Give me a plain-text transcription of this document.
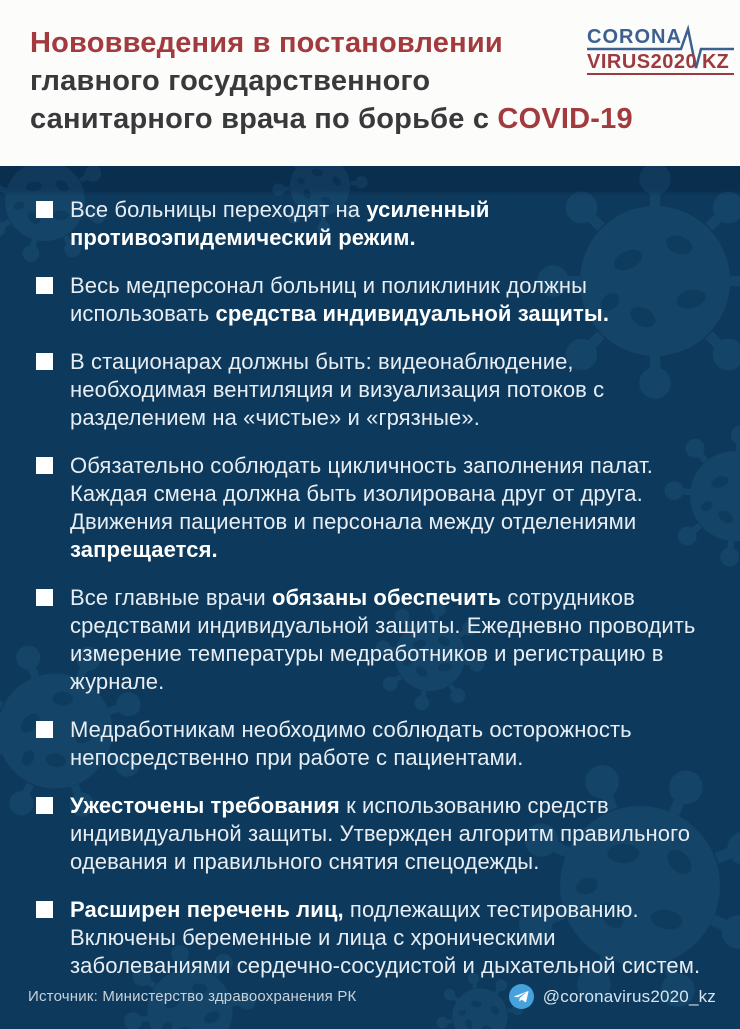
Нововведения в постановлении
главного государственного
санитарного врача по борьбе с COVID-19
CORONA
VIRUS2020 KZ

Все больницы переходят на усиленный противоэпидемический режим.

Весь медперсонал больниц и поликлиник должны использовать средства индивидуальной защиты.

В стационарах должны быть: видеонаблюдение, необходимая вентиляция и визуализация потоков с разделением на «чистые» и «грязные».

Обязательно соблюдать цикличность заполнения палат. Каждая смена должна быть изолирована друг от друга. Движения пациентов и персонала между отделениями запрещается.

Все главные врачи обязаны обеспечить сотрудников средствами индивидуальной защиты. Ежедневно проводить измерение температуры медработников и регистрацию в журнале.

Медработникам необходимо соблюдать осторожность непосредственно при работе с пациентами.

Ужесточены требования к использованию средств индивидуальной защиты. Утвержден алгоритм правильного одевания и правильного снятия спецодежды.

Расширен перечень лиц, подлежащих тестированию. Включены беременные и лица с хроническими заболеваниями сердечно-сосудистой и дыхательной систем.

Источник: Министерство здравоохранения РК	@coronavirus2020_kz
